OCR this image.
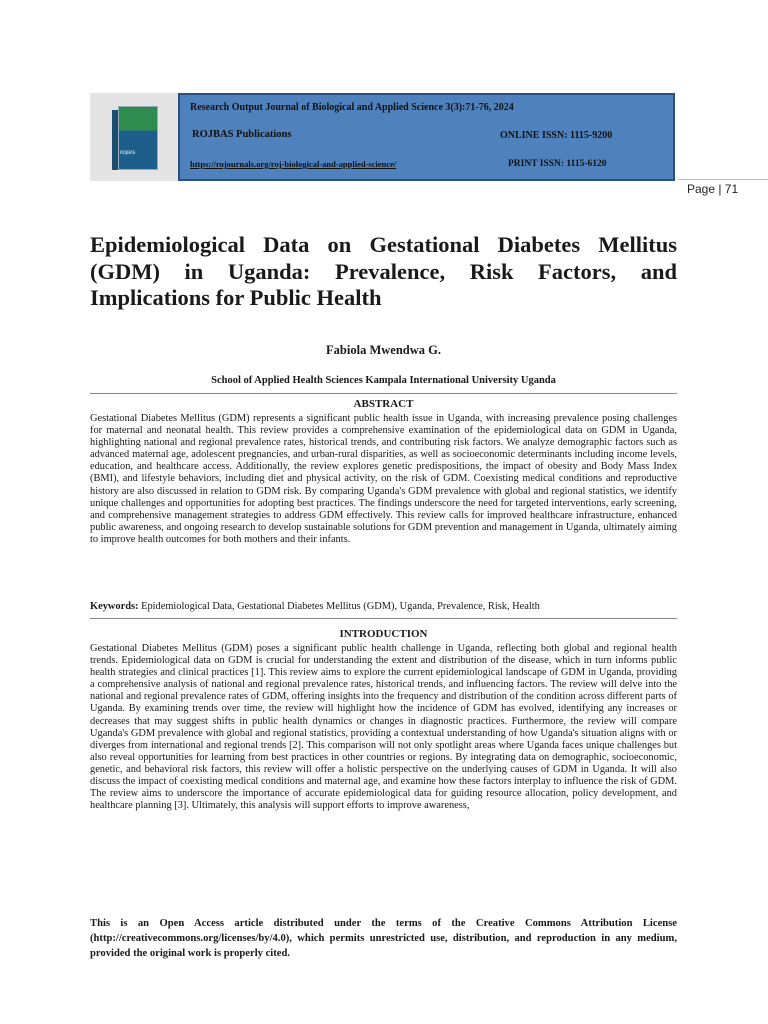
ROJBAS
Research Output Journal of Biological and Applied Science 3(3):71-76, 2024
ROJBAS Publications	ONLINE ISSN: 1115-9200
https://rojournals.org/roj-biological-and-applied-science/	PRINT ISSN: 1115-6120
Page | 71
Epidemiological Data on Gestational Diabetes Mellitus (GDM) in Uganda: Prevalence, Risk Factors, and Implications for Public Health
Fabiola Mwendwa G.
School of Applied Health Sciences Kampala International University Uganda
ABSTRACT

Gestational Diabetes Mellitus (GDM) represents a significant public health issue in Uganda, with increasing prevalence posing challenges for maternal and neonatal health. This review provides a comprehensive examination of the epidemiological data on GDM in Uganda, highlighting national and regional prevalence rates, historical trends, and contributing risk factors. We analyze demographic factors such as advanced maternal age, adolescent pregnancies, and urban-rural disparities, as well as socioeconomic determinants including income levels, education, and healthcare access. Additionally, the review explores genetic predispositions, the impact of obesity and Body Mass Index (BMI), and lifestyle behaviors, including diet and physical activity, on the risk of GDM. Coexisting medical conditions and reproductive history are also discussed in relation to GDM risk. By comparing Uganda's GDM prevalence with global and regional statistics, we identify unique challenges and opportunities for adopting best practices. The findings underscore the need for targeted interventions, early screening, and comprehensive management strategies to address GDM effectively. This review calls for improved healthcare infrastructure, enhanced public awareness, and ongoing research to develop sustainable solutions for GDM prevention and management in Uganda, ultimately aiming to improve health outcomes for both mothers and their infants.

Keywords: Epidemiological Data, Gestational Diabetes Mellitus (GDM), Uganda, Prevalence, Risk, Health
INTRODUCTION

Gestational Diabetes Mellitus (GDM) poses a significant public health challenge in Uganda, reflecting both global and regional health trends. Epidemiological data on GDM is crucial for understanding the extent and distribution of the disease, which in turn informs public health strategies and clinical practices [1]. This review aims to explore the current epidemiological landscape of GDM in Uganda, providing a comprehensive analysis of national and regional prevalence rates, historical trends, and influencing factors. The review will delve into the national and regional prevalence rates of GDM, offering insights into the frequency and distribution of the condition across different parts of Uganda. By examining trends over time, the review will highlight how the incidence of GDM has evolved, identifying any increases or decreases that may suggest shifts in public health dynamics or changes in diagnostic practices. Furthermore, the review will compare Uganda's GDM prevalence with global and regional statistics, providing a contextual understanding of how Uganda's situation aligns with or diverges from international and regional trends [2]. This comparison will not only spotlight areas where Uganda faces unique challenges but also reveal opportunities for learning from best practices in other countries or regions. By integrating data on demographic, socioeconomic, genetic, and behavioral risk factors, this review will offer a holistic perspective on the underlying causes of GDM in Uganda. It will also discuss the impact of coexisting medical conditions and maternal age, and examine how these factors interplay to influence the risk of GDM. The review aims to underscore the importance of accurate epidemiological data for guiding resource allocation, policy development, and healthcare planning [3]. Ultimately, this analysis will support efforts to improve awareness,

This is an Open Access article distributed under the terms of the Creative Commons Attribution License (http://creativecommons.org/licenses/by/4.0), which permits unrestricted use, distribution, and reproduction in any medium, provided the original work is properly cited.
